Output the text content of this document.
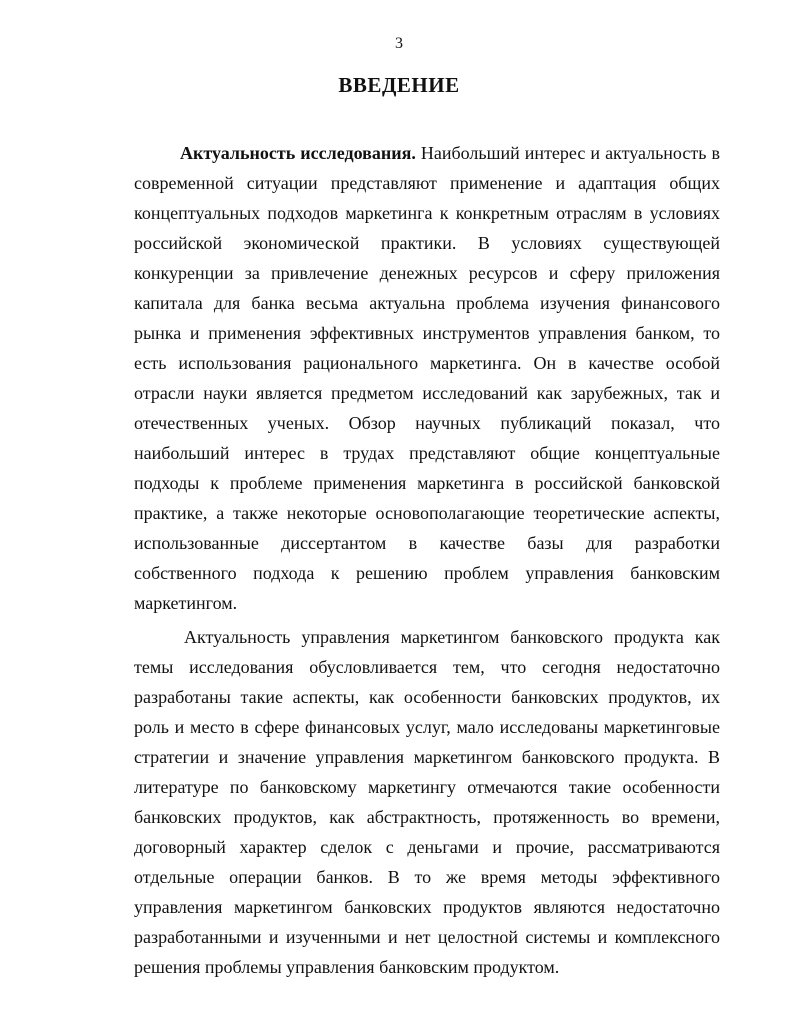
3
ВВЕДЕНИЕ

Актуальность исследования. Наибольший интерес и актуальность в современной ситуации представляют применение и адаптация общих концептуальных подходов маркетинга к конкретным отраслям в условиях российской экономической практики. В условиях существующей конкуренции за привлечение денежных ресурсов и сферу приложения капитала для банка весьма актуальна проблема изучения финансового рынка и применения эффективных инструментов управления банком, то есть использования рационального маркетинга. Он в качестве особой отрасли науки является предметом исследований как зарубежных, так и отечественных ученых. Обзор научных публикаций показал, что наибольший интерес в трудах представляют общие концептуальные подходы к проблеме применения маркетинга в российской банковской практике, а также некоторые основополагающие теоретические аспекты, использованные диссертантом в качестве базы для разработки собственного подхода к решению проблем управления банковским маркетингом.

Актуальность управления маркетингом банковского продукта как темы исследования обусловливается тем, что сегодня недостаточно разработаны такие аспекты, как особенности банковских продуктов, их роль и место в сфере финансовых услуг, мало исследованы маркетинговые стратегии и значение управления маркетингом банковского продукта. В литературе по банковскому маркетингу отмечаются такие особенности банковских продуктов, как абстрактность, протяженность во времени, договорный характер сделок с деньгами и прочие, рассматриваются отдельные операции банков. В то же время методы эффективного управления маркетингом банковских продуктов являются недостаточно разработанными и изученными и нет целостной системы и комплексного решения проблемы управления банковским продуктом.
